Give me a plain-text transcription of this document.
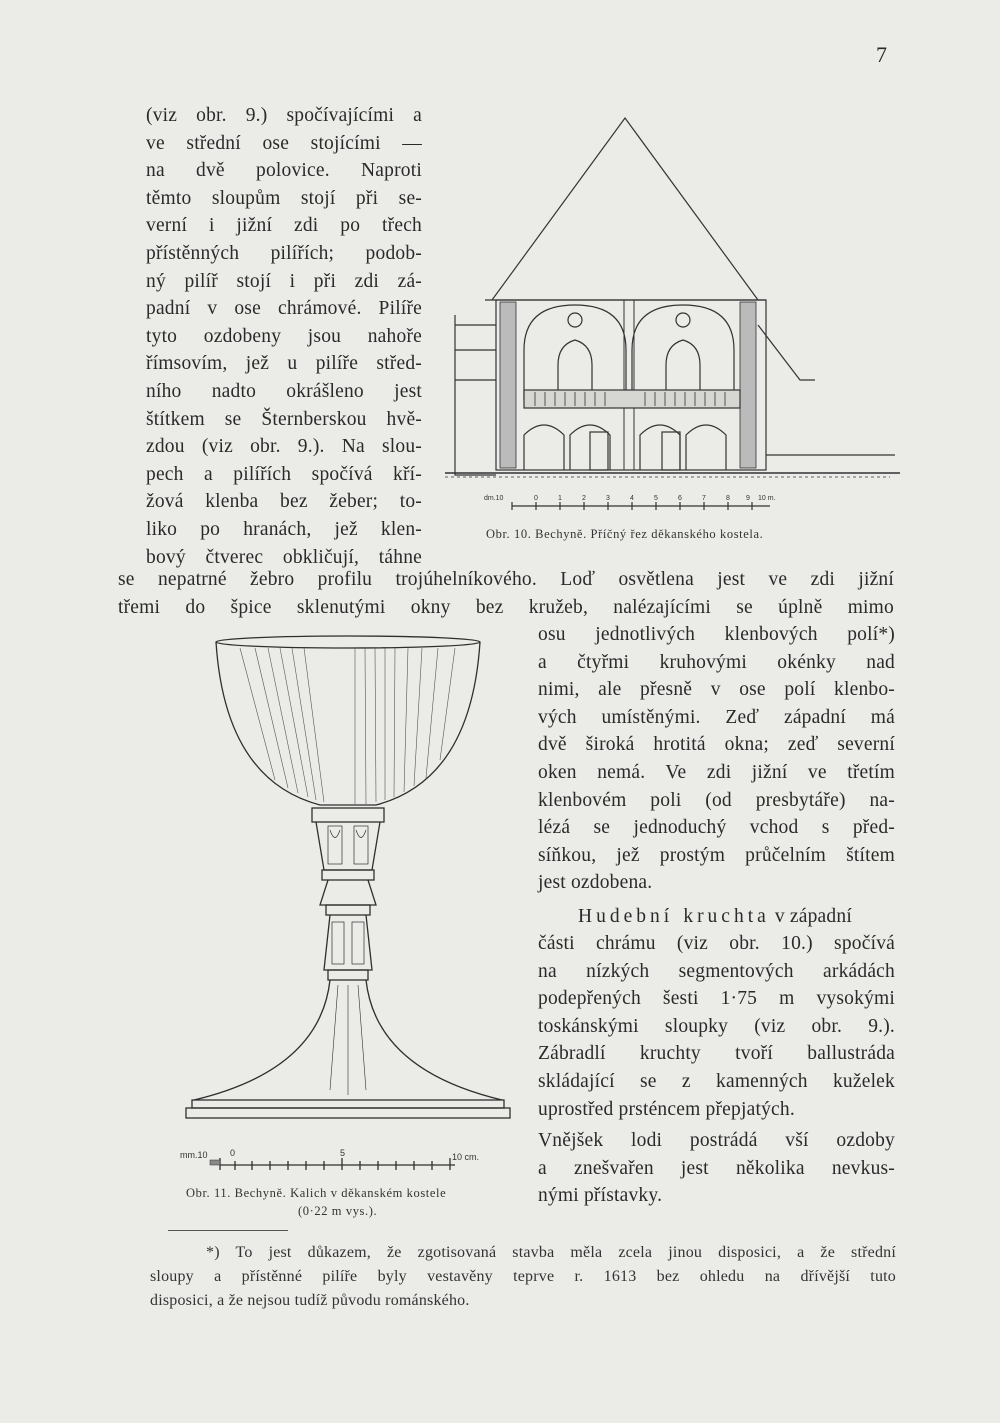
7
(viz obr. 9.) spočívajícími a
ve střední ose stojícími —
na dvě polovice. Naproti
těmto sloupům stojí při se-
verní i jižní zdi po třech
přístěnných pilířích; podob-
ný pilíř stojí i při zdi zá-
padní v ose chrámové. Pilíře
tyto ozdobeny jsou nahoře
římsovím, jež u pilíře střed-
ního nadto okrášleno jest
štítkem se Šternberskou hvě-
zdou (viz obr. 9.). Na slou-
pech a pilířích spočívá kří-
žová klenba bez žeber; to-
liko po hranách, jež klen-
bový čtverec obkličují, táhne
se nepatrné žebro profilu trojúhelníkového. Loď osvětlena jest ve zdi jižní
třemi do špice sklenutými okny bez kružeb, nalézajícími se úplně mimo
osu jednotlivých klenbových polí*)
a čtyřmi kruhovými okénky nad
nimi, ale přesně v ose polí klenbo-
vých umístěnými. Zeď západní má
dvě široká hrotitá okna; zeď severní
oken nemá. Ve zdi jižní ve třetím
klenbovém poli (od presbytáře) na-
lézá se jednoduchý vchod s před-
síňkou, jež prostým průčelním štítem
jest ozdobena.
Hudební kruchta v západní
části chrámu (viz obr. 10.) spočívá
na nízkých segmentových arkádách
podepřených šesti 1·75 m vysokými
toskánskými sloupky (viz obr. 9.).
Zábradlí kruchty tvoří ballustráda
skládající se z kamenných kuželek
uprostřed prsténcem přepjatých.
Vnějšek lodi postrádá vší ozdoby
a znešvařen jest několika nevkus-
nými přístavky.
dm.10	0	1	2	3	4	5	6	7	8 9 10 m.
Obr. 10. Bechyně. Příčný řez děkanského kostela.
mm.10 0	5	10 cm.
Obr. 11. Bechyně. Kalich v děkanském kostele
(0·22 m vys.).
*) To jest důkazem, že zgotisovaná stavba měla zcela jinou disposici, a že střední
sloupy a přístěnné pilíře byly vestavěny teprve r. 1613 bez ohledu na dřívější tuto
disposici, a že nejsou tudíž původu románského.
